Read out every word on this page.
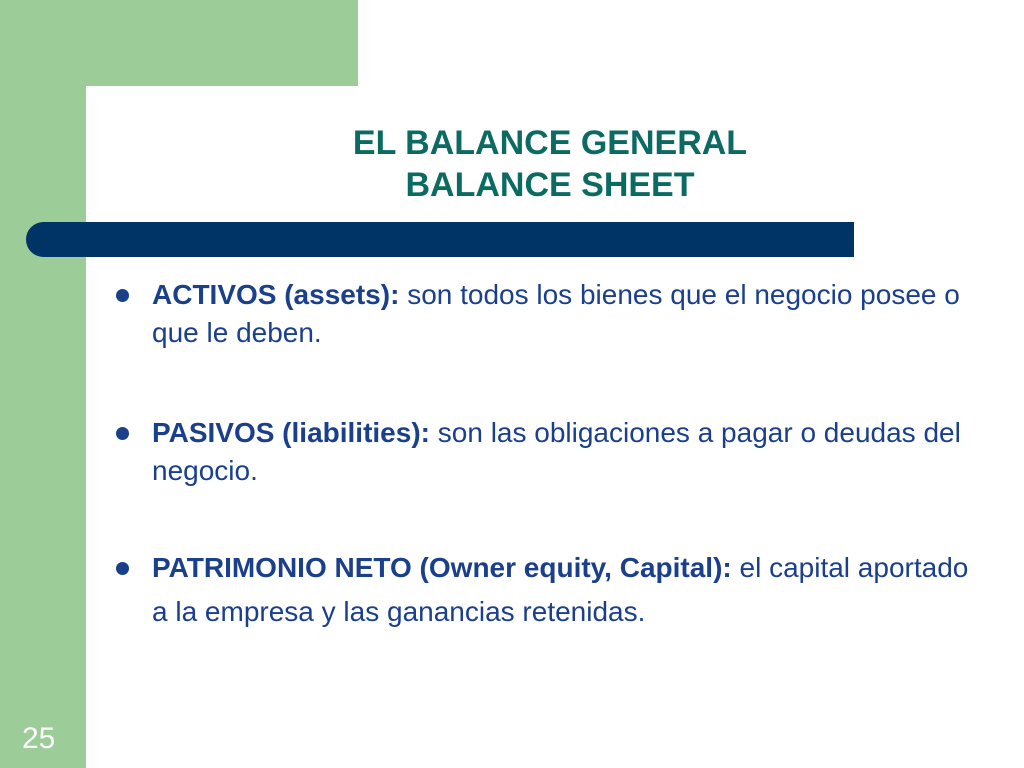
EL BALANCE GENERAL
BALANCE SHEET
ACTIVOS (assets): son todos los bienes que el negocio posee o que le deben.
PASIVOS (liabilities): son las obligaciones a pagar o deudas del negocio.
PATRIMONIO NETO (Owner equity, Capital): el capital aportado a la empresa y las ganancias retenidas.
25
